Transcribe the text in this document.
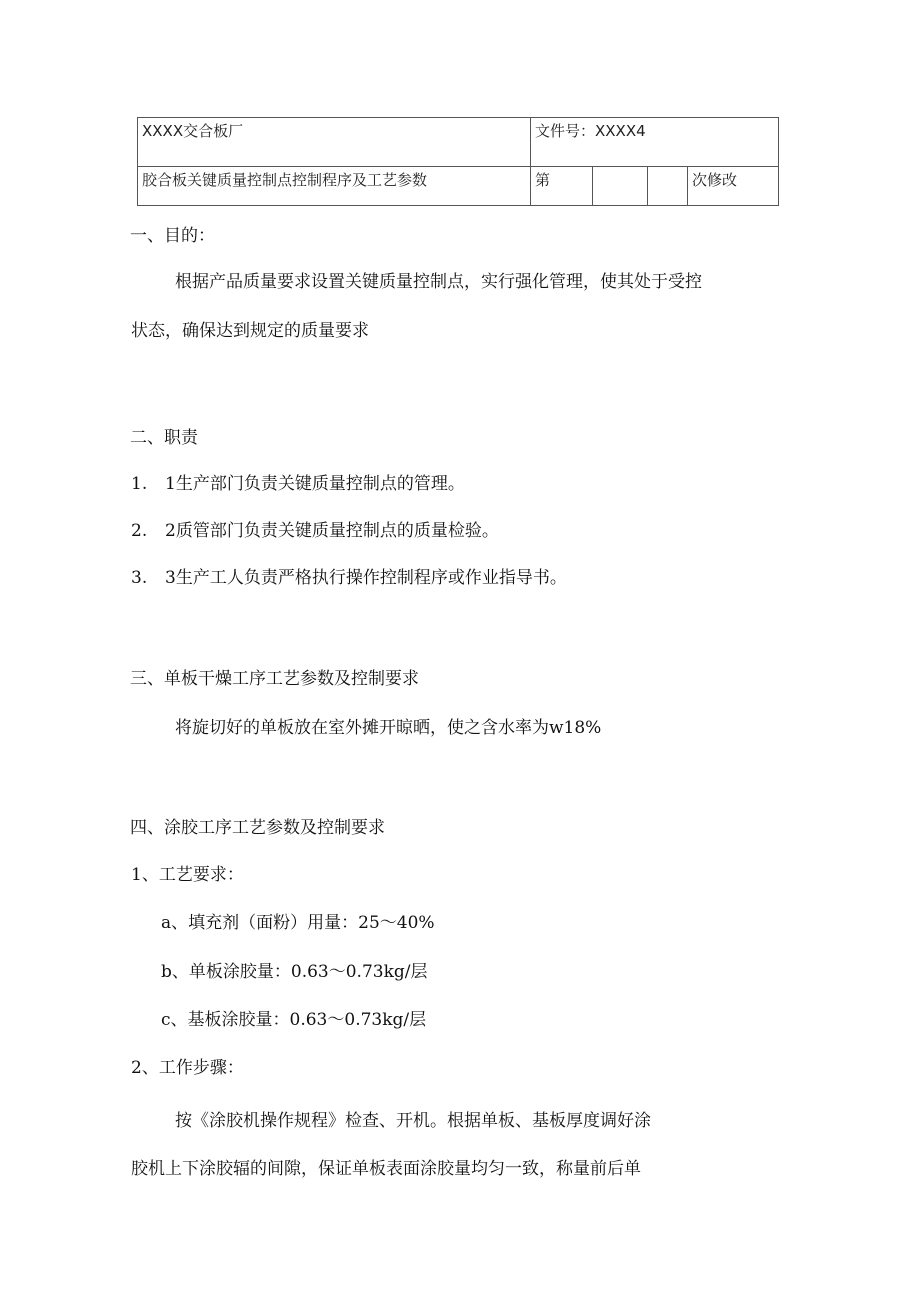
XXXX交合板厂	文件号：XXXX4			
胶合板关键质量控制点控制程序及工艺参数	第			次修改
一、目的：
根据产品质量要求设置关键质量控制点，实行强化管理，使其处于受控
状态，确保达到规定的质量要求
二、职责
1. 1生产部门负责关键质量控制点的管理。
2. 2质管部门负责关键质量控制点的质量检验。
3. 3生产工人负责严格执行操作控制程序或作业指导书。
三、单板干燥工序工艺参数及控制要求
将旋切好的单板放在室外摊开晾晒，使之含水率为w18%
四、涂胶工序工艺参数及控制要求
1、工艺要求：
a、填充剂（面粉）用量：25～40%
b、单板涂胶量：0.63～0.73kg/层
c、基板涂胶量：0.63～0.73kg/层
2、工作步骤：
按《涂胶机操作规程》检查、开机。根据单板、基板厚度调好涂
胶机上下涂胶辐的间隙，保证单板表面涂胶量均匀一致，称量前后单
